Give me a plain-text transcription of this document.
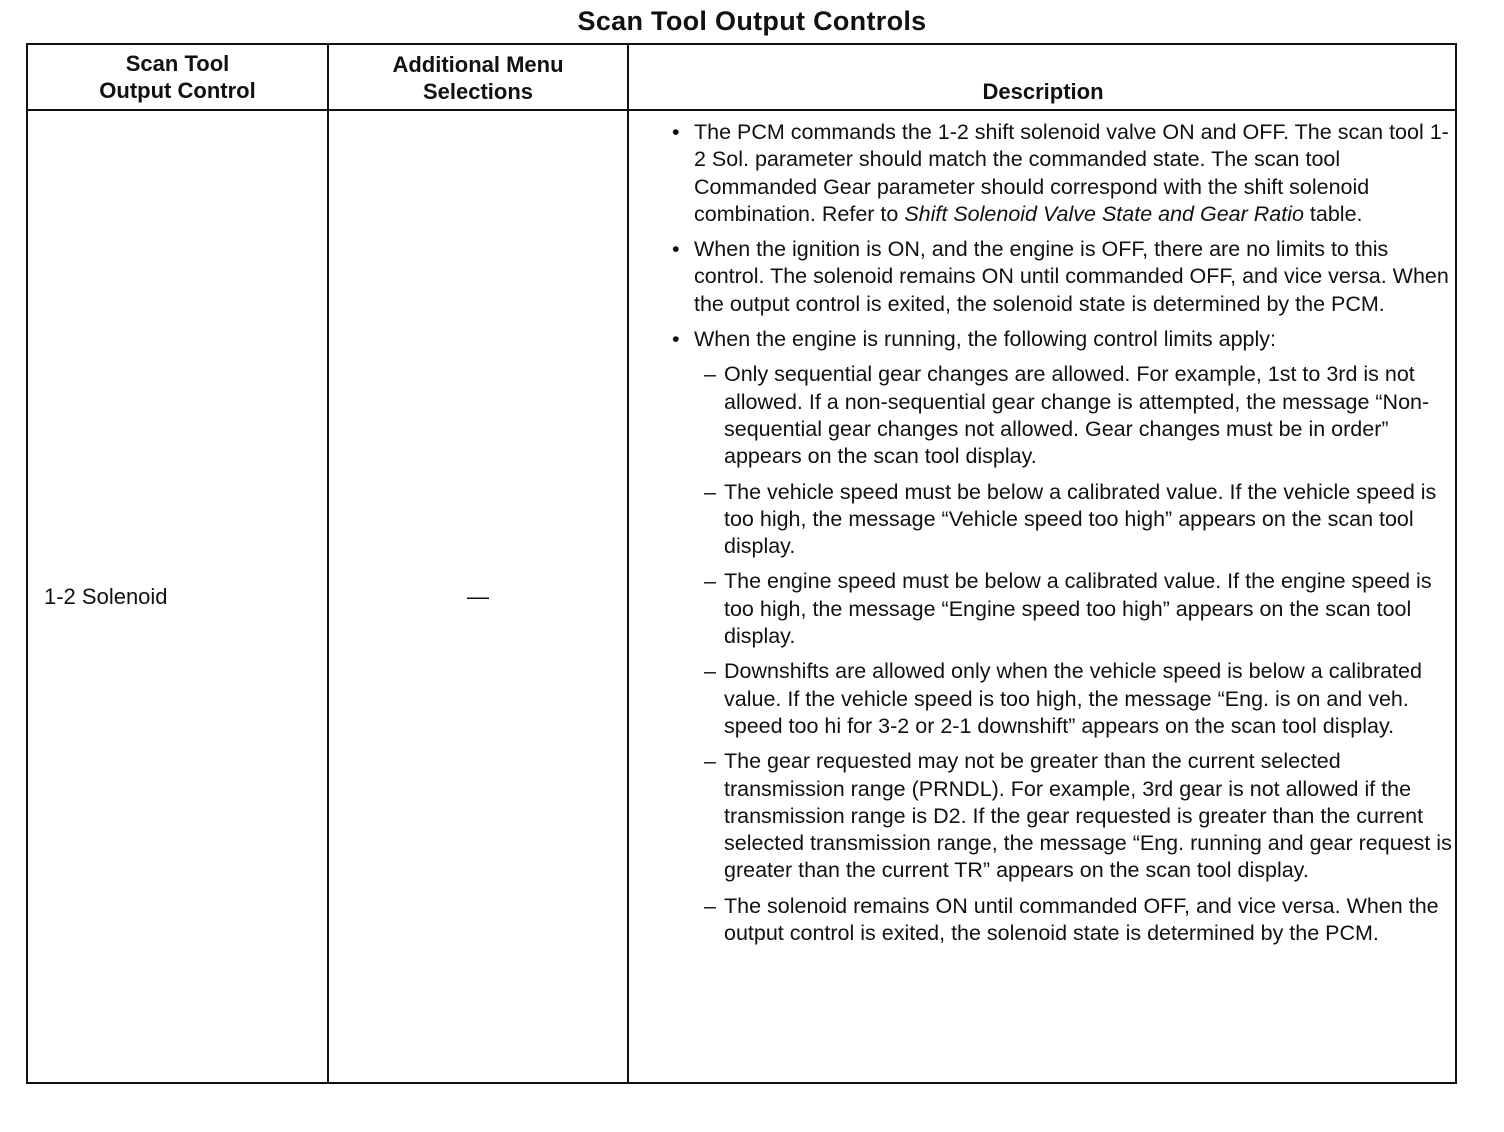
Scan Tool Output Controls
Scan Tool
Output Control
Additional Menu
Selections	Description
1-2 Solenoid	—
• The PCM commands the 1-2 shift solenoid valve ON and OFF. The scan tool 1-2 Sol. parameter should match the commanded state. The scan tool Commanded Gear parameter should correspond with the shift solenoid combination. Refer to Shift Solenoid Valve State and Gear Ratio table.
• When the ignition is ON, and the engine is OFF, there are no limits to this control. The solenoid remains ON until commanded OFF, and vice versa. When the output control is exited, the solenoid state is determined by the PCM.
• When the engine is running, the following control limits apply:
– Only sequential gear changes are allowed. For example, 1st to 3rd is not allowed. If a non-sequential gear change is attempted, the message “Non-sequential gear changes not allowed. Gear changes must be in order” appears on the scan tool display.
– The vehicle speed must be below a calibrated value. If the vehicle speed is too high, the message “Vehicle speed too high” appears on the scan tool display.
– The engine speed must be below a calibrated value. If the engine speed is too high, the message “Engine speed too high” appears on the scan tool display.
– Downshifts are allowed only when the vehicle speed is below a calibrated value. If the vehicle speed is too high, the message “Eng. is on and veh. speed too hi for 3-2 or 2-1 downshift” appears on the scan tool display.
– The gear requested may not be greater than the current selected transmission range (PRNDL). For example, 3rd gear is not allowed if the transmission range is D2. If the gear requested is greater than the current selected transmission range, the message “Eng. running and gear request is greater than the current TR” appears on the scan tool display.
– The solenoid remains ON until commanded OFF, and vice versa. When the output control is exited, the solenoid state is determined by the PCM.
